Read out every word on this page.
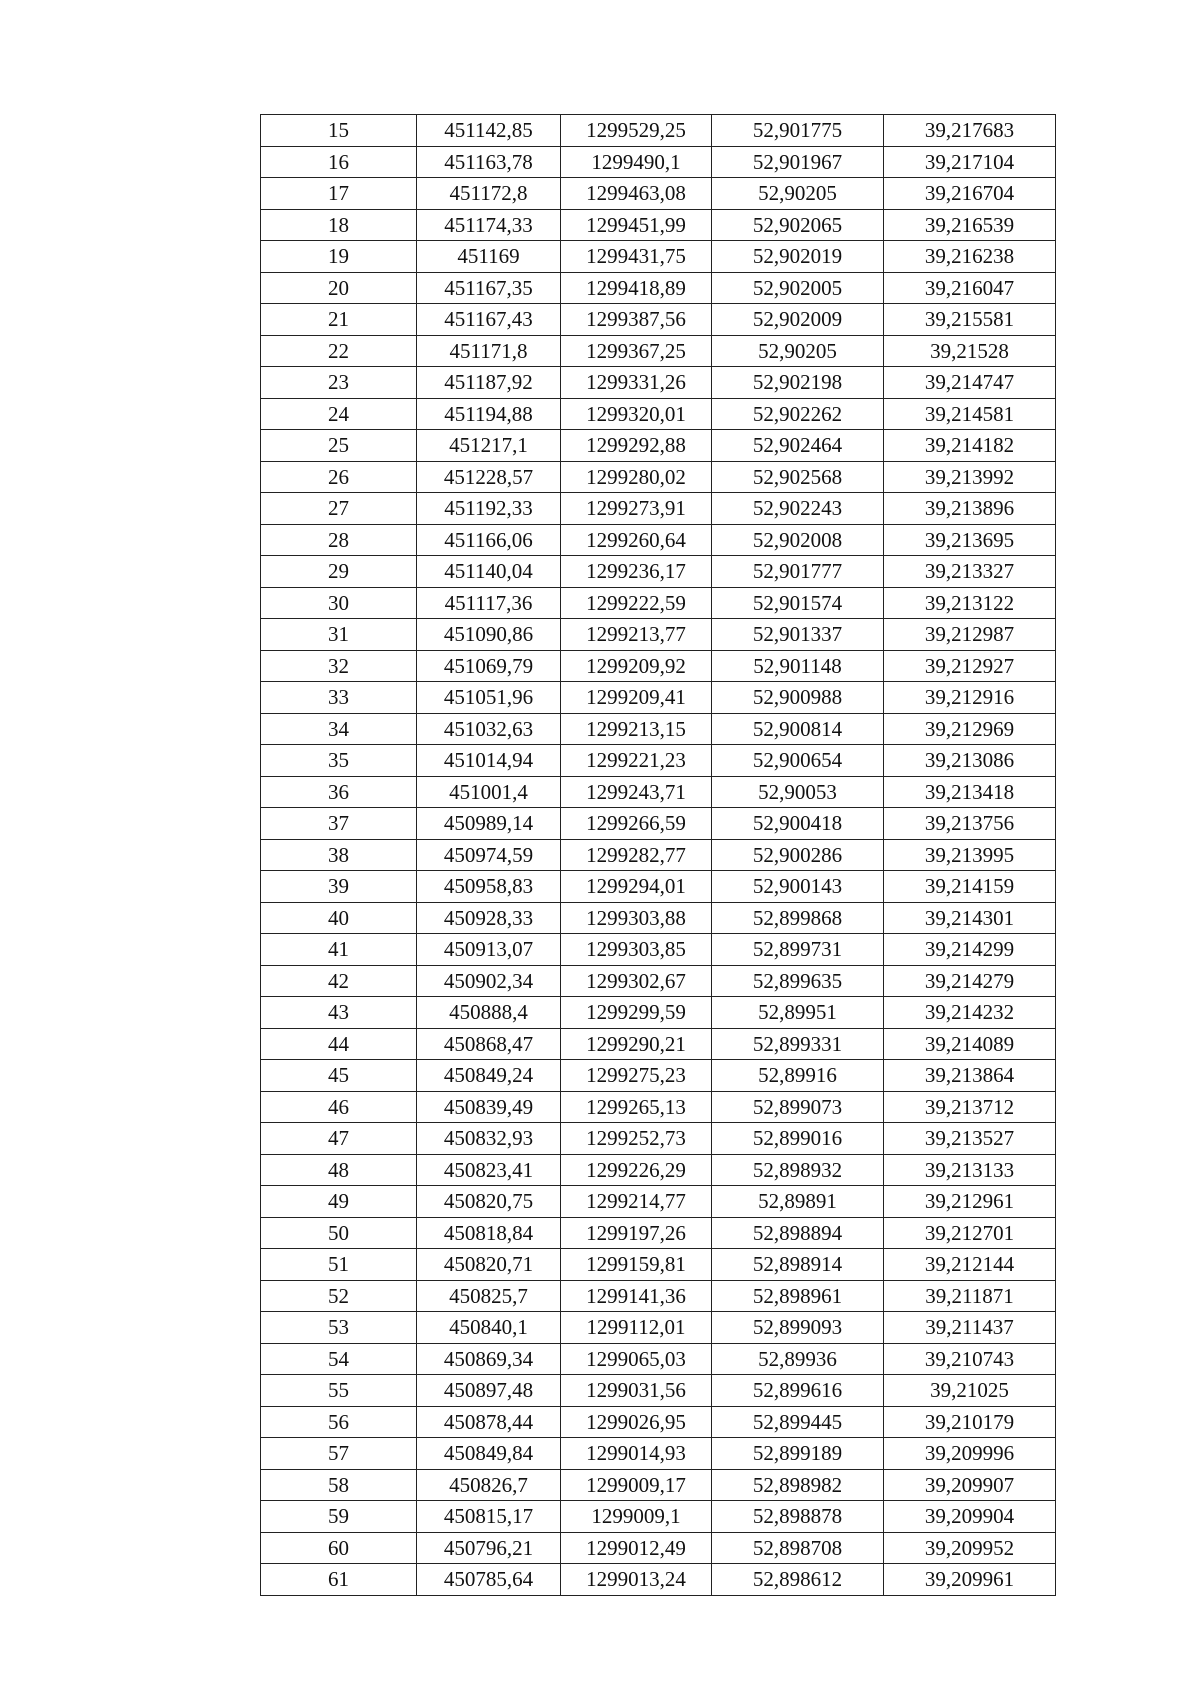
15	451142,85	1299529,25	52,901775	39,217683
16	451163,78	1299490,1	52,901967	39,217104
17	451172,8	1299463,08	52,90205	39,216704
18	451174,33	1299451,99	52,902065	39,216539
19	451169	1299431,75	52,902019	39,216238
20	451167,35	1299418,89	52,902005	39,216047
21	451167,43	1299387,56	52,902009	39,215581
22	451171,8	1299367,25	52,90205	39,21528
23	451187,92	1299331,26	52,902198	39,214747
24	451194,88	1299320,01	52,902262	39,214581
25	451217,1	1299292,88	52,902464	39,214182
26	451228,57	1299280,02	52,902568	39,213992
27	451192,33	1299273,91	52,902243	39,213896
28	451166,06	1299260,64	52,902008	39,213695
29	451140,04	1299236,17	52,901777	39,213327
30	451117,36	1299222,59	52,901574	39,213122
31	451090,86	1299213,77	52,901337	39,212987
32	451069,79	1299209,92	52,901148	39,212927
33	451051,96	1299209,41	52,900988	39,212916
34	451032,63	1299213,15	52,900814	39,212969
35	451014,94	1299221,23	52,900654	39,213086
36	451001,4	1299243,71	52,90053	39,213418
37	450989,14	1299266,59	52,900418	39,213756
38	450974,59	1299282,77	52,900286	39,213995
39	450958,83	1299294,01	52,900143	39,214159
40	450928,33	1299303,88	52,899868	39,214301
41	450913,07	1299303,85	52,899731	39,214299
42	450902,34	1299302,67	52,899635	39,214279
43	450888,4	1299299,59	52,89951	39,214232
44	450868,47	1299290,21	52,899331	39,214089
45	450849,24	1299275,23	52,89916	39,213864
46	450839,49	1299265,13	52,899073	39,213712
47	450832,93	1299252,73	52,899016	39,213527
48	450823,41	1299226,29	52,898932	39,213133
49	450820,75	1299214,77	52,89891	39,212961
50	450818,84	1299197,26	52,898894	39,212701
51	450820,71	1299159,81	52,898914	39,212144
52	450825,7	1299141,36	52,898961	39,211871
53	450840,1	1299112,01	52,899093	39,211437
54	450869,34	1299065,03	52,89936	39,210743
55	450897,48	1299031,56	52,899616	39,21025
56	450878,44	1299026,95	52,899445	39,210179
57	450849,84	1299014,93	52,899189	39,209996
58	450826,7	1299009,17	52,898982	39,209907
59	450815,17	1299009,1	52,898878	39,209904
60	450796,21	1299012,49	52,898708	39,209952
61	450785,64	1299013,24	52,898612	39,209961
